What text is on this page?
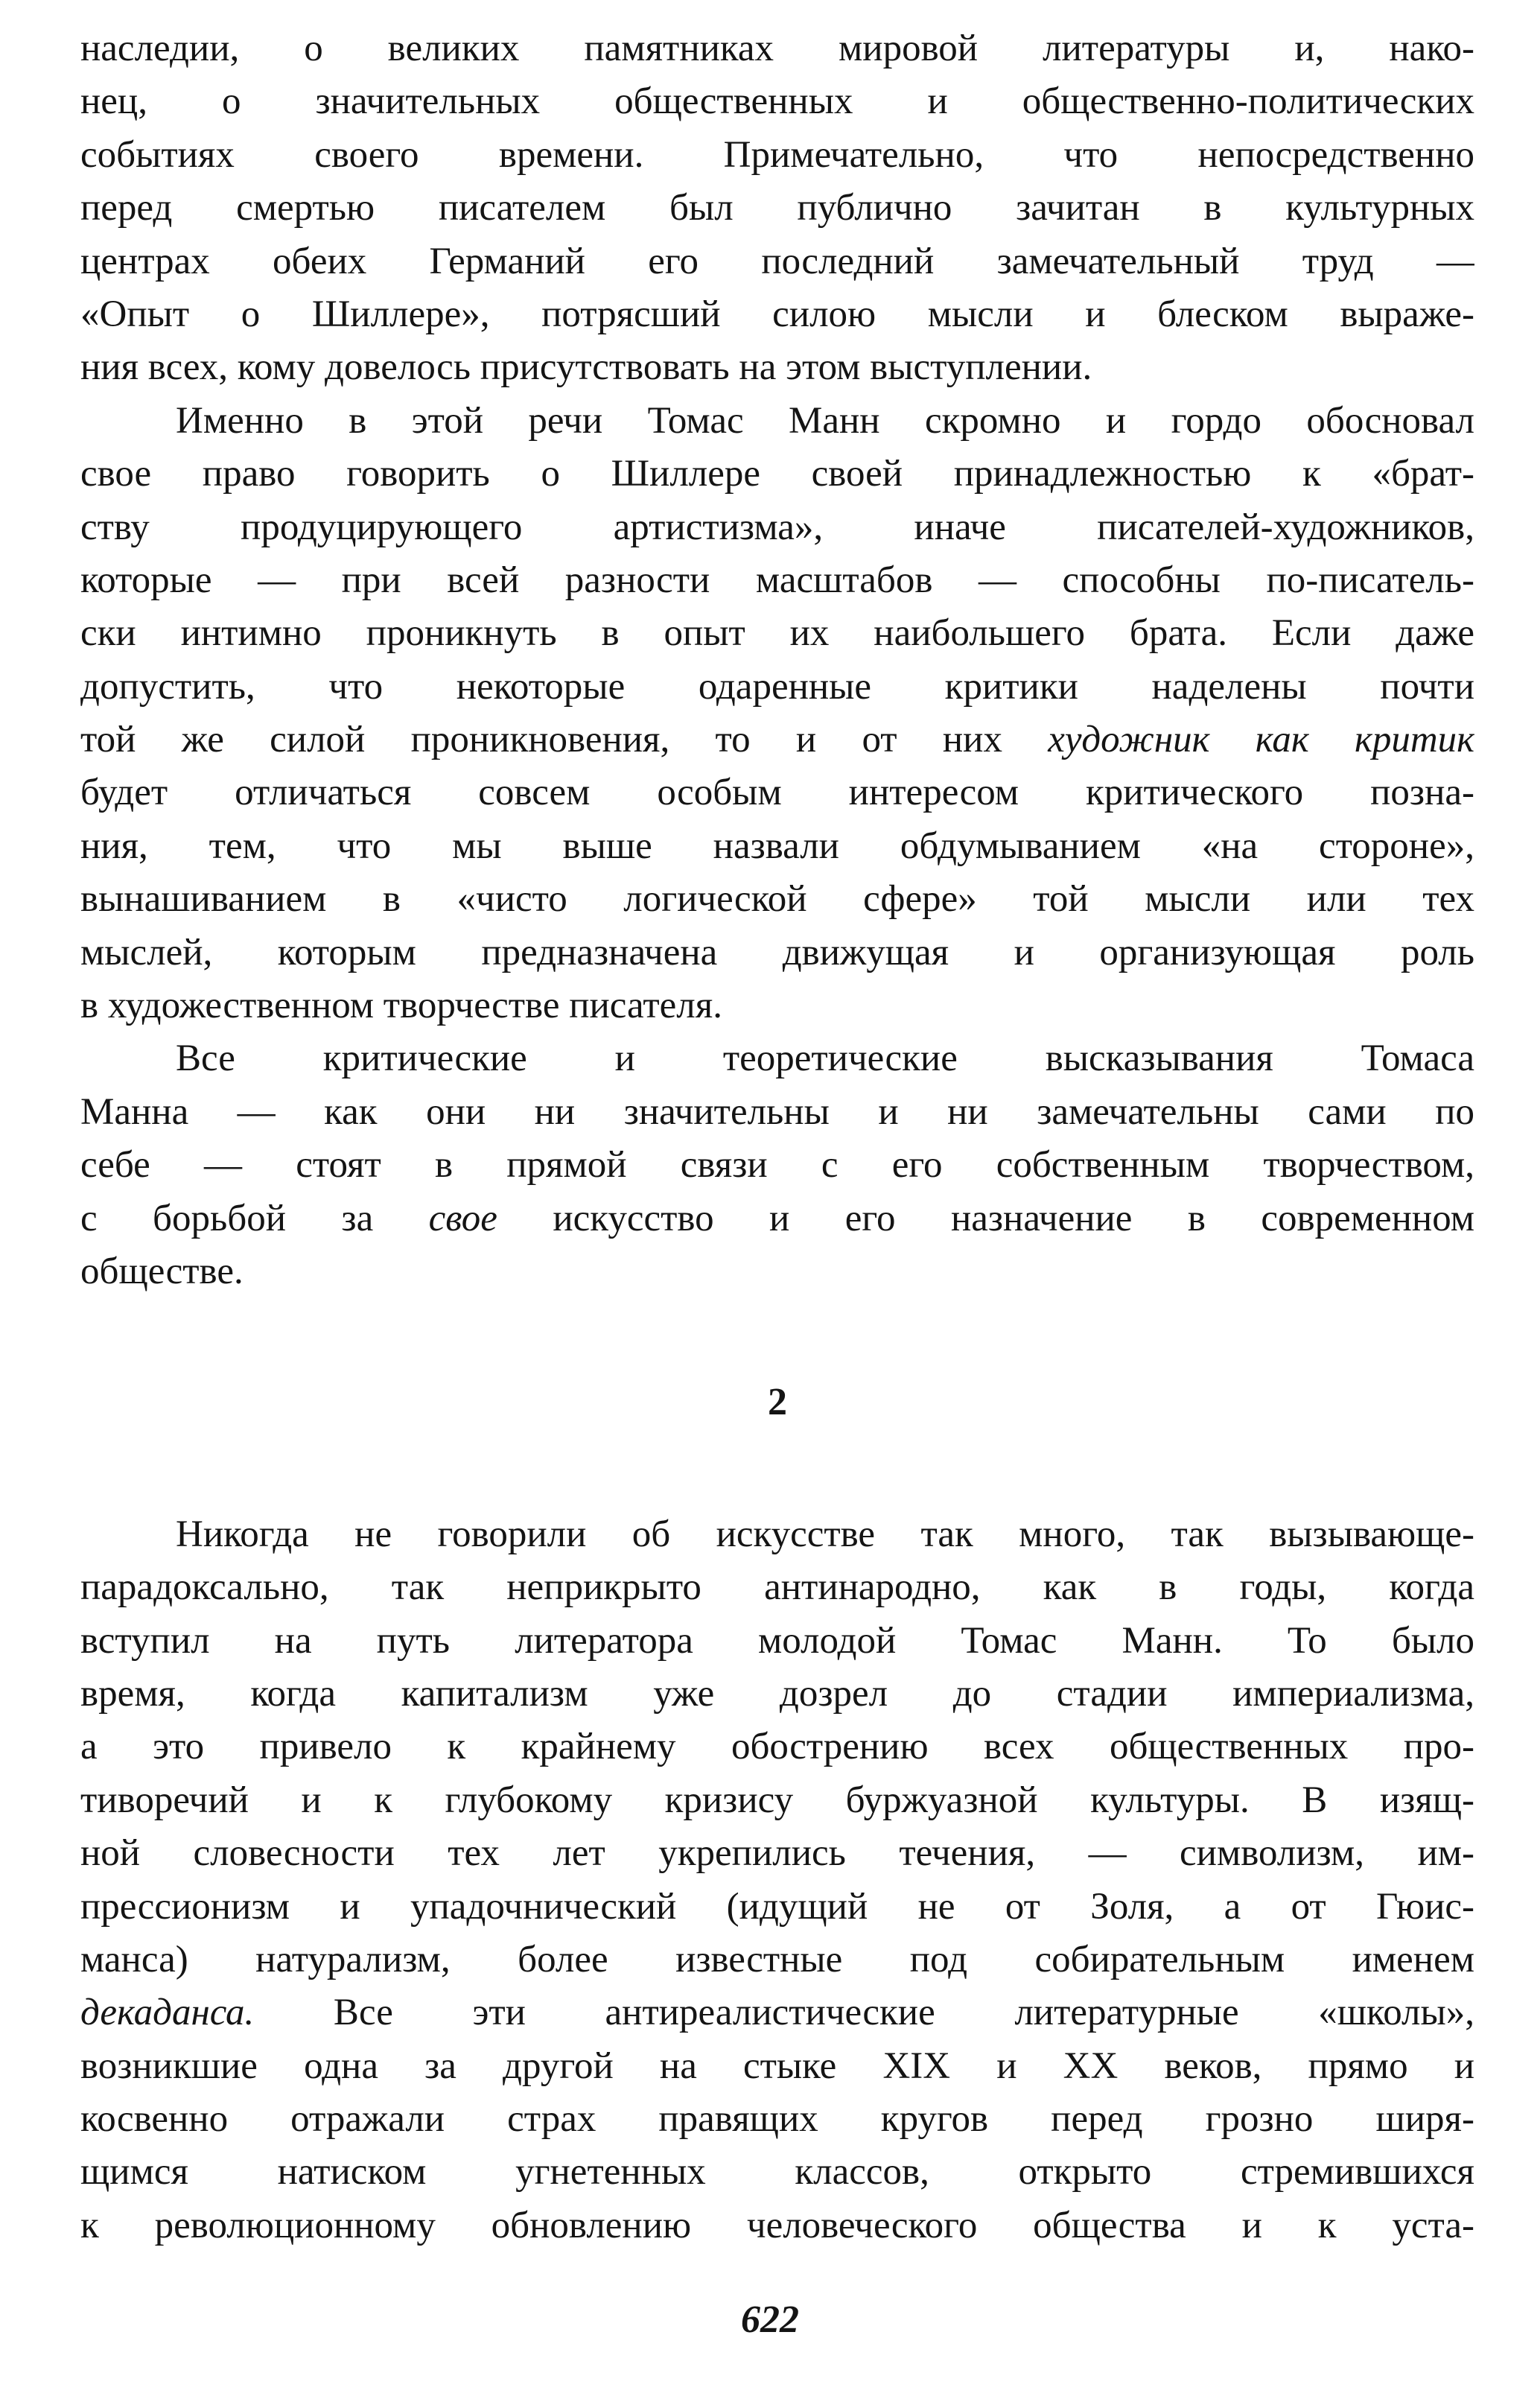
наследии, о великих памятниках мировой литературы и, нако-
нец, о значительных общественных и общественно-политических
событиях своего времени. Примечательно, что непосредственно
перед смертью писателем был публично зачитан в культурных
центрах обеих Германий его последний замечательный труд —
«Опыт о Шиллере», потрясший силою мысли и блеском выраже-
ния всех, кому довелось присутствовать на этом выступлении.
Именно в этой речи Томас Манн скромно и гордо обосновал
свое право говорить о Шиллере своей принадлежностью к «брат-
ству продуцирующего артистизма», иначе писателей-художников,
которые — при всей разности масштабов — способны по-писатель-
ски интимно проникнуть в опыт их наибольшего брата. Если даже
допустить, что некоторые одаренные критики наделены почти
той же силой проникновения, то и от них художник как критик
будет отличаться совсем особым интересом критического позна-
ния, тем, что мы выше назвали обдумыванием «на стороне»,
вынашиванием в «чисто логической сфере» той мысли или тех
мыслей, которым предназначена движущая и организующая роль
в художественном творчестве писателя.
Все критические и теоретические высказывания Томаса
Манна — как они ни значительны и ни замечательны сами по
себе — стоят в прямой связи с его собственным творчеством,
с борьбой за свое искусство и его назначение в современном
обществе.
2
Никогда не говорили об искусстве так много, так вызывающе-
парадоксально, так неприкрыто антинародно, как в годы, когда
вступил на путь литератора молодой Томас Манн. То было
время, когда капитализм уже дозрел до стадии империализма,
а это привело к крайнему обострению всех общественных про-
тиворечий и к глубокому кризису буржуазной культуры. В изящ-
ной словесности тех лет укрепились течения, — символизм, им-
прессионизм и упадочнический (идущий не от Золя, а от Гюис-
манса) натурализм, более известные под собирательным именем
декаданса. Все эти антиреалистические литературные «школы»,
возникшие одна за другой на стыке XIX и XX веков, прямо и
косвенно отражали страх правящих кругов перед грозно ширя-
щимся натиском угнетенных классов, открыто стремившихся
к революционному обновлению человеческого общества и к уста-
622
